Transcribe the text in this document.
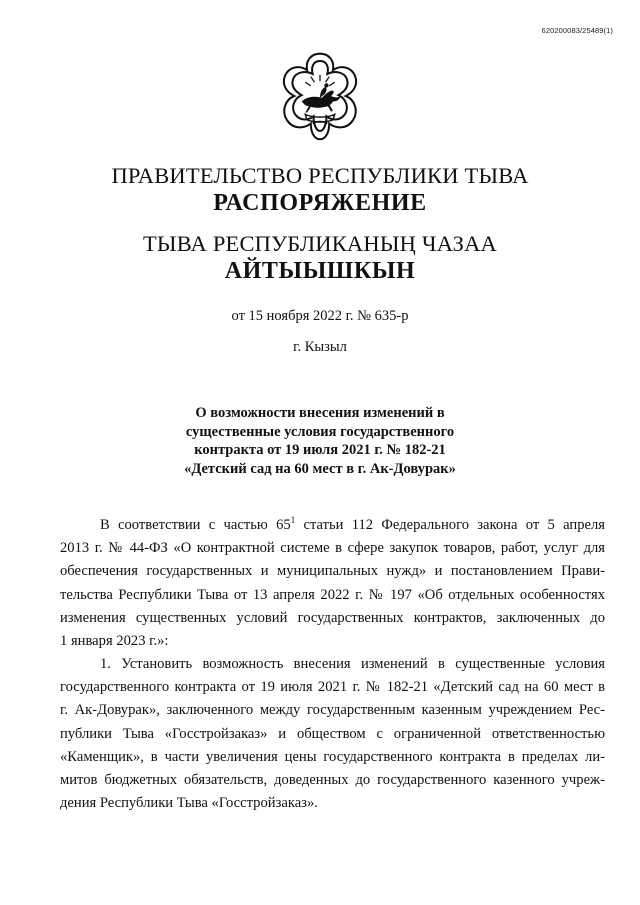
620200083/25489(1)
ПРАВИТЕЛЬСТВО РЕСПУБЛИКИ ТЫВА
РАСПОРЯЖЕНИЕ
ТЫВА РЕСПУБЛИКАНЫҢ ЧАЗАА
АЙТЫЫШКЫН
от 15 ноября 2022 г. № 635-р
г. Кызыл
О возможности внесения изменений в
существенные условия государственного
контракта от 19 июля 2021 г. № 182-21
«Детский сад на 60 мест в г. Ак-Довурак»
В соответствии с частью $65^1$ статьи 112 Федерального закона от 5 апреля
2013 г. № 44-ФЗ «О контрактной системе в сфере закупок товаров, работ, услуг для
обеспечения государственных и муниципальных нужд» и постановлением Прави-
тельства Республики Тыва от 13 апреля 2022 г. № 197 «Об отдельных особенностях
изменения существенных условий государственных контрактов, заключенных до
1 января 2023 г.»:
1. Установить возможность внесения изменений в существенные условия
государственного контракта от 19 июля 2021 г. № 182-21 «Детский сад на 60 мест в
г. Ак-Довурак», заключенного между государственным казенным учреждением Рес-
публики Тыва «Госстройзаказ» и обществом с ограниченной ответственностью
«Каменщик», в части увеличения цены государственного контракта в пределах ли-
митов бюджетных обязательств, доведенных до государственного казенного учреж-
дения Республики Тыва «Госстройзаказ».
